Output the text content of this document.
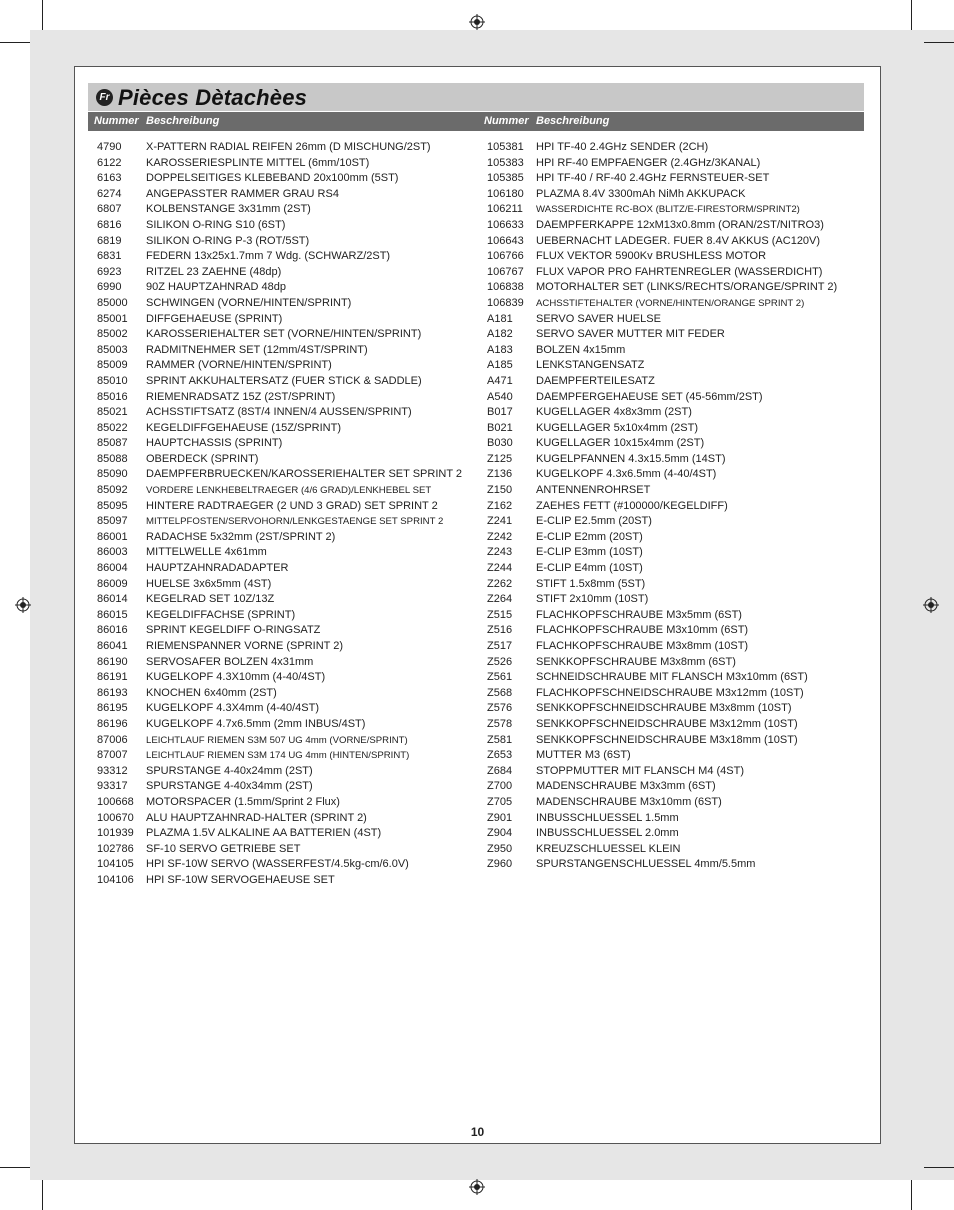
Fr Pièces Dètachèes
Nummer Beschreibung	Nummer Beschreibung
4790 X-PATTERN RADIAL REIFEN 26mm (D MISCHUNG/2ST)
6122 KAROSSERIESPLINTE MITTEL (6mm/10ST)
6163 DOPPELSEITIGES KLEBEBAND 20x100mm (5ST)
6274 ANGEPASSTER RAMMER GRAU RS4
6807 KOLBENSTANGE 3x31mm (2ST)
6816 SILIKON O-RING S10 (6ST)
6819 SILIKON O-RING P-3 (ROT/5ST)
6831 FEDERN 13x25x1.7mm 7 Wdg. (SCHWARZ/2ST)
6923 RITZEL 23 ZAEHNE (48dp)
6990 90Z HAUPTZAHNRAD 48dp
85000 SCHWINGEN (VORNE/HINTEN/SPRINT)
85001 DIFFGEHAEUSE (SPRINT)
85002 KAROSSERIEHALTER SET (VORNE/HINTEN/SPRINT)
85003 RADMITNEHMER SET (12mm/4ST/SPRINT)
85009 RAMMER (VORNE/HINTEN/SPRINT)
85010 SPRINT AKKUHALTERSATZ (FUER STICK & SADDLE)
85016 RIEMENRADSATZ 15Z (2ST/SPRINT)
85021 ACHSSTIFTSATZ (8ST/4 INNEN/4 AUSSEN/SPRINT)
85022 KEGELDIFFGEHAEUSE (15Z/SPRINT)
85087 HAUPTCHASSIS (SPRINT)
85088 OBERDECK (SPRINT)
85090 DAEMPFERBRUECKEN/KAROSSERIEHALTER SET SPRINT 2
85092 VORDERE LENKHEBELTRAEGER (4/6 GRAD)/LENKHEBEL SET
85095 HINTERE RADTRAEGER (2 UND 3 GRAD) SET SPRINT 2
85097 MITTELPFOSTEN/SERVOHORN/LENKGESTAENGE SET SPRINT 2
86001 RADACHSE 5x32mm (2ST/SPRINT 2)
86003 MITTELWELLE 4x61mm
86004 HAUPTZAHNRADADAPTER
86009 HUELSE 3x6x5mm (4ST)
86014 KEGELRAD SET 10Z/13Z
86015 KEGELDIFFACHSE (SPRINT)
86016 SPRINT KEGELDIFF O-RINGSATZ
86041 RIEMENSPANNER VORNE (SPRINT 2)
86190 SERVOSAFER BOLZEN 4x31mm
86191 KUGELKOPF 4.3X10mm (4-40/4ST)
86193 KNOCHEN 6x40mm (2ST)
86195 KUGELKOPF 4.3X4mm (4-40/4ST)
86196 KUGELKOPF 4.7x6.5mm (2mm INBUS/4ST)
87006 LEICHTLAUF RIEMEN S3M 507 UG 4mm (VORNE/SPRINT)
87007 LEICHTLAUF RIEMEN S3M 174 UG 4mm (HINTEN/SPRINT)
93312 SPURSTANGE 4-40x24mm (2ST)
93317 SPURSTANGE 4-40x34mm (2ST)
100668 MOTORSPACER (1.5mm/Sprint 2 Flux)
100670 ALU HAUPTZAHNRAD-HALTER (SPRINT 2)
101939 PLAZMA 1.5V ALKALINE AA BATTERIEN (4ST)
102786 SF-10 SERVO GETRIEBE SET
104105 HPI SF-10W SERVO (WASSERFEST/4.5kg-cm/6.0V)
104106 HPI SF-10W SERVOGEHAEUSE SET
105381 HPI TF-40 2.4GHz SENDER (2CH)
105383 HPI RF-40 EMPFAENGER (2.4GHz/3KANAL)
105385 HPI TF-40 / RF-40 2.4GHz FERNSTEUER-SET
106180 PLAZMA 8.4V 3300mAh NiMh AKKUPACK
106211 WASSERDICHTE RC-BOX (BLITZ/E-FIRESTORM/SPRINT2)
106633 DAEMPFERKAPPE 12xM13x0.8mm (ORAN/2ST/NITRO3)
106643 UEBERNACHT LADEGER. FUER 8.4V AKKUS (AC120V)
106766 FLUX VEKTOR 5900Kv BRUSHLESS MOTOR
106767 FLUX VAPOR PRO FAHRTENREGLER (WASSERDICHT)
106838 MOTORHALTER SET (LINKS/RECHTS/ORANGE/SPRINT 2)
106839 ACHSSTIFTEHALTER (VORNE/HINTEN/ORANGE SPRINT 2)
A181 SERVO SAVER HUELSE
A182 SERVO SAVER MUTTER MIT FEDER
A183 BOLZEN 4x15mm
A185 LENKSTANGENSATZ
A471 DAEMPFERTEILESATZ
A540 DAEMPFERGEHAEUSE SET (45-56mm/2ST)
B017 KUGELLAGER 4x8x3mm (2ST)
B021 KUGELLAGER 5x10x4mm (2ST)
B030 KUGELLAGER 10x15x4mm (2ST)
Z125 KUGELPFANNEN 4.3x15.5mm (14ST)
Z136 KUGELKOPF 4.3x6.5mm (4-40/4ST)
Z150 ANTENNENROHRSET
Z162 ZAEHES FETT (#100000/KEGELDIFF)
Z241 E-CLIP E2.5mm (20ST)
Z242 E-CLIP E2mm (20ST)
Z243 E-CLIP E3mm (10ST)
Z244 E-CLIP E4mm (10ST)
Z262 STIFT 1.5x8mm (5ST)
Z264 STIFT 2x10mm (10ST)
Z515 FLACHKOPFSCHRAUBE M3x5mm (6ST)
Z516 FLACHKOPFSCHRAUBE M3x10mm (6ST)
Z517 FLACHKOPFSCHRAUBE M3x8mm (10ST)
Z526 SENKKOPFSCHRAUBE M3x8mm (6ST)
Z561 SCHNEIDSCHRAUBE MIT FLANSCH M3x10mm (6ST)
Z568 FLACHKOPFSCHNEIDSCHRAUBE M3x12mm (10ST)
Z576 SENKKOPFSCHNEIDSCHRAUBE M3x8mm (10ST)
Z578 SENKKOPFSCHNEIDSCHRAUBE M3x12mm (10ST)
Z581 SENKKOPFSCHNEIDSCHRAUBE M3x18mm (10ST)
Z653 MUTTER M3 (6ST)
Z684 STOPPMUTTER MIT FLANSCH M4 (4ST)
Z700 MADENSCHRAUBE M3x3mm (6ST)
Z705 MADENSCHRAUBE M3x10mm (6ST)
Z901 INBUSSCHLUESSEL 1.5mm
Z904 INBUSSCHLUESSEL 2.0mm
Z950 KREUZSCHLUESSEL KLEIN
Z960 SPURSTANGENSCHLUESSEL 4mm/5.5mm
10
